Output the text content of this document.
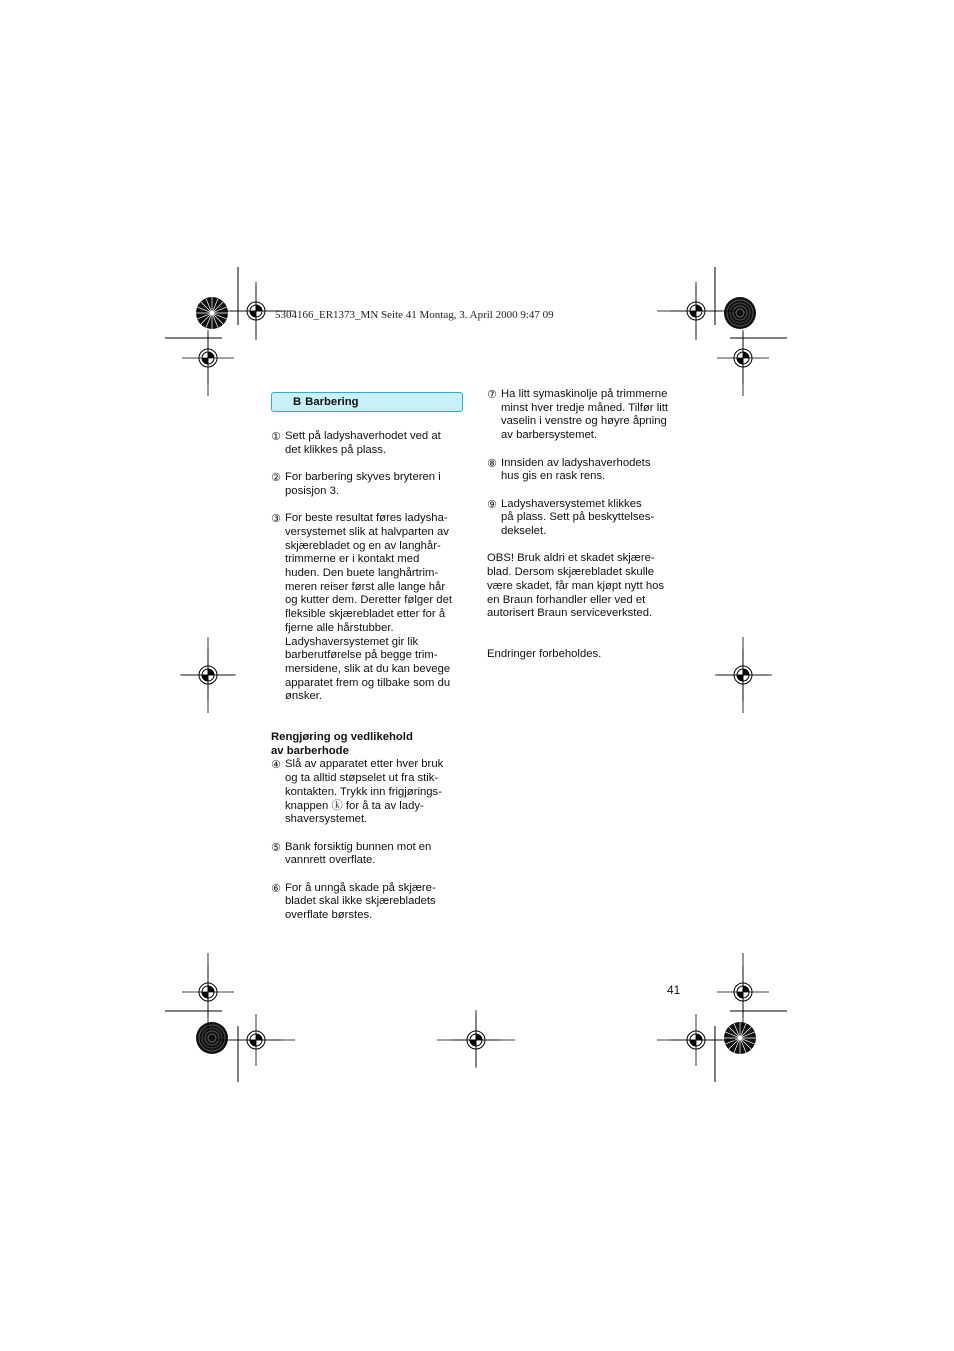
5304166_ER1373_MN Seite 41 Montag, 3. April 2000 9:47 09
B Barbering
① Sett på ladyshaverhodet ved at
det klikkes på plass.
② For barbering skyves bryteren i
posisjon 3.
③ For beste resultat føres ladysha-
versystemet slik at halvparten av
skjærebladet og en av langhår-
trimmerne er i kontakt med
huden. Den buete langhårtrim-
meren reiser først alle lange hår
og kutter dem. Deretter følger det
fleksible skjærebladet etter for å
fjerne alle hårstubber.
Ladyshaversystemet gir lik
barberutførelse på begge trim-
mersidene, slik at du kan bevege
apparatet frem og tilbake som du
ønsker.
Rengjøring og vedlikehold
av barberhode
④ Slå av apparatet etter hver bruk
og ta alltid støpselet ut fra stik-
kontakten. Trykk inn frigjørings-
knappen ⓚ for å ta av lady-
shaversystemet.
⑤ Bank forsiktig bunnen mot en
vannrett overflate.
⑥ For å unngå skade på skjære-
bladet skal ikke skjærebladets
overflate børstes.
⑦ Ha litt symaskinolje på trimmerne
minst hver tredje måned. Tilfør litt
vaselin i venstre og høyre åpning
av barbersystemet.
⑧ Innsiden av ladyshaverhodets
hus gis en rask rens.
⑨ Ladyshaversystemet klikkes
på plass. Sett på beskyttelses-
dekselet.
OBS! Bruk aldri et skadet skjære-
blad. Dersom skjærebladet skulle
være skadet, får man kjøpt nytt hos
en Braun forhandler eller ved et
autorisert Braun serviceverksted.
Endringer forbeholdes.
41
